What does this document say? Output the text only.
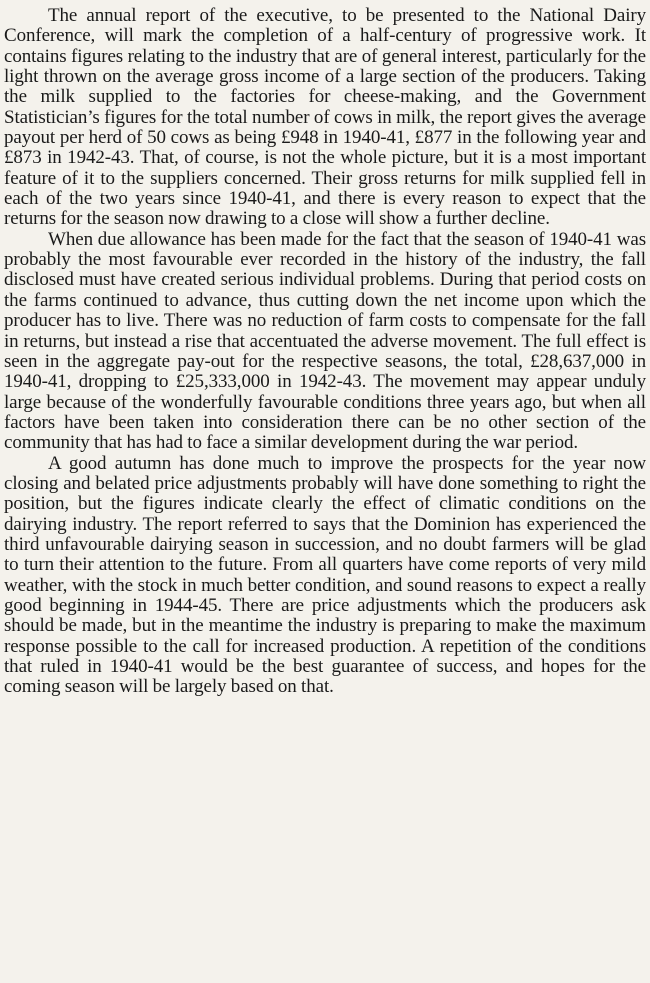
The annual report of the executive, to be presented to the National Dairy Conference, will mark the completion of a half-century of progressive work. It contains figures relating to the industry that are of general interest, particularly for the light thrown on the average gross income of a large section of the producers. Taking the milk supplied to the factories for cheese-making, and the Government Statistician’s figures for the total number of cows in milk, the report gives the average payout per herd of 50 cows as being £948 in 1940-41, £877 in the following year and £873 in 1942-43. That, of course, is not the whole picture, but it is a most important feature of it to the suppliers concerned. Their gross returns for milk supplied fell in each of the two years since 1940-41, and there is every reason to expect that the returns for the season now drawing to a close will show a further decline.

When due allowance has been made for the fact that the season of 1940-41 was probably the most favourable ever recorded in the history of the industry, the fall disclosed must have created serious individual problems. During that period costs on the farms continued to advance, thus cutting down the net income upon which the producer has to live. There was no reduction of farm costs to compensate for the fall in returns, but instead a rise that accentuated the adverse movement. The full effect is seen in the aggregate pay-out for the respective seasons, the total, £28,637,000 in 1940-41, dropping to £25,333,000 in 1942-43. The movement may appear unduly large because of the wonderfully favourable conditions three years ago, but when all factors have been taken into consideration there can be no other section of the community that has had to face a similar development during the war period.

A good autumn has done much to improve the prospects for the year now closing and belated price adjustments probably will have done something to right the position, but the figures indicate clearly the effect of climatic conditions on the dairying industry. The report referred to says that the Dominion has experienced the third unfavourable dairying season in succession, and no doubt farmers will be glad to turn their attention to the future. From all quarters have come reports of very mild weather, with the stock in much better condition, and sound reasons to expect a really good beginning in 1944-45. There are price adjustments which the producers ask should be made, but in the meantime the industry is preparing to make the maximum response possible to the call for increased production. A repetition of the conditions that ruled in 1940-41 would be the best guarantee of success, and hopes for the coming season will be largely based on that.
